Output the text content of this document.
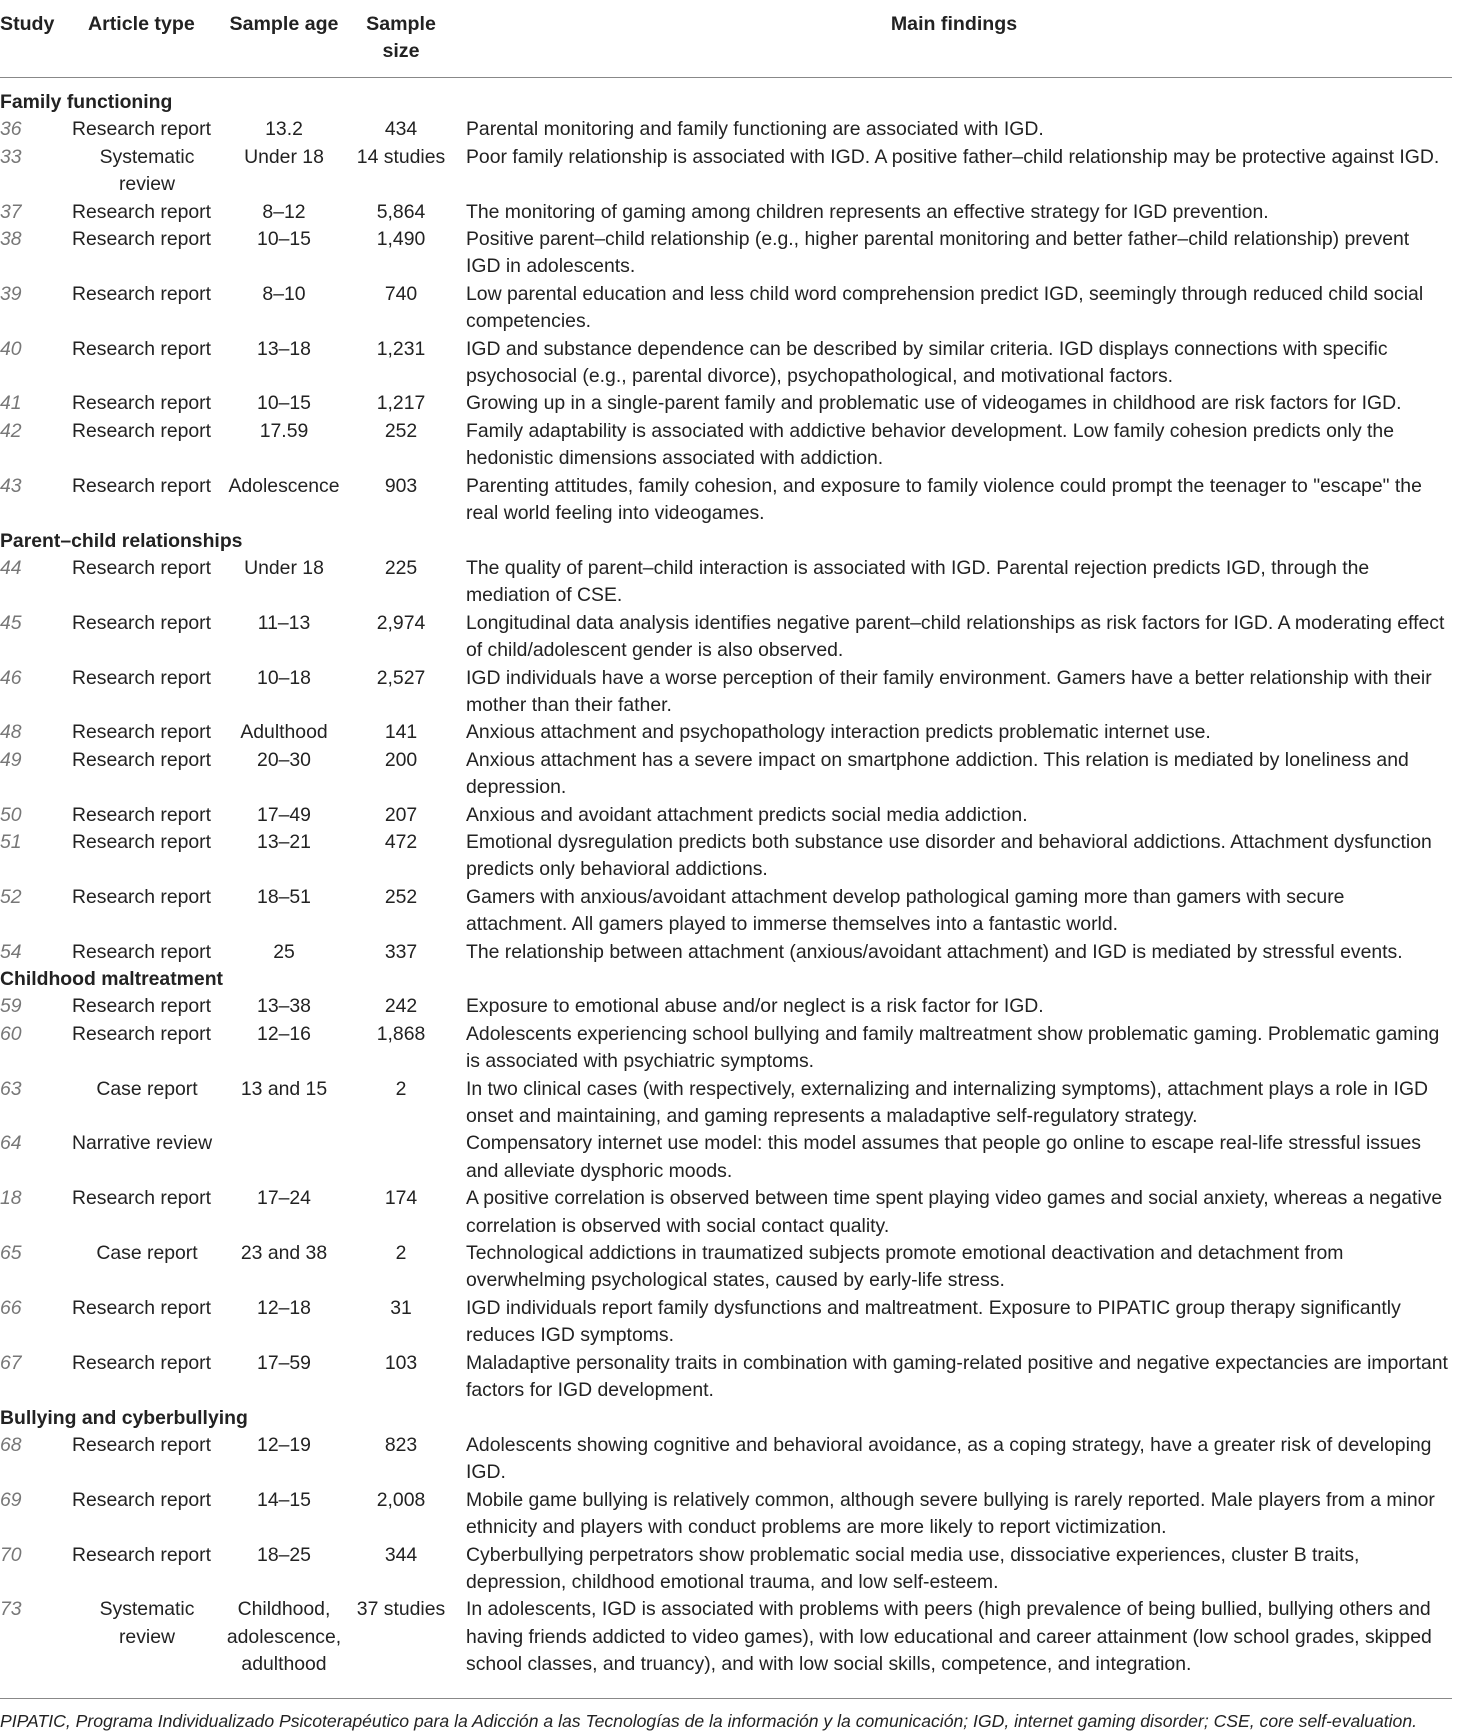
Study	Article type	Sample age	Sample size	Main findings
Family functioning				
36	Research report	13.2	434	Parental monitoring and family functioning are associated with IGD.
33	Systematic review	Under 18	14 studies	Poor family relationship is associated with IGD. A positive father–child relationship may be protective against IGD.
37	Research report	8–12	5,864	The monitoring of gaming among children represents an effective strategy for IGD prevention.
38	Research report	10–15	1,490	Positive parent–child relationship (e.g., higher parental monitoring and better father–child relationship) prevent IGD in adolescents.
39	Research report	8–10	740	Low parental education and less child word comprehension predict IGD, seemingly through reduced child social competencies.
40	Research report	13–18	1,231	IGD and substance dependence can be described by similar criteria. IGD displays connections with specific psychosocial (e.g., parental divorce), psychopathological, and motivational factors.
41	Research report	10–15	1,217	Growing up in a single-parent family and problematic use of videogames in childhood are risk factors for IGD.
42	Research report	17.59	252	Family adaptability is associated with addictive behavior development. Low family cohesion predicts only the hedonistic dimensions associated with addiction.
43	Research report	Adolescence	903	Parenting attitudes, family cohesion, and exposure to family violence could prompt the teenager to "escape" the real world feeling into videogames.
Parent–child relationships				
44	Research report	Under 18	225	The quality of parent–child interaction is associated with IGD. Parental rejection predicts IGD, through the mediation of CSE.
45	Research report	11–13	2,974	Longitudinal data analysis identifies negative parent–child relationships as risk factors for IGD. A moderating effect of child/adolescent gender is also observed.
46	Research report	10–18	2,527	IGD individuals have a worse perception of their family environment. Gamers have a better relationship with their mother than their father.
48	Research report	Adulthood	141	Anxious attachment and psychopathology interaction predicts problematic internet use.
49	Research report	20–30	200	Anxious attachment has a severe impact on smartphone addiction. This relation is mediated by loneliness and depression.
50	Research report	17–49	207	Anxious and avoidant attachment predicts social media addiction.
51	Research report	13–21	472	Emotional dysregulation predicts both substance use disorder and behavioral addictions. Attachment dysfunction predicts only behavioral addictions.
52	Research report	18–51	252	Gamers with anxious/avoidant attachment develop pathological gaming more than gamers with secure attachment. All gamers played to immerse themselves into a fantastic world.
54	Research report	25	337	The relationship between attachment (anxious/avoidant attachment) and IGD is mediated by stressful events.
Childhood maltreatment				
59	Research report	13–38	242	Exposure to emotional abuse and/or neglect is a risk factor for IGD.
60	Research report	12–16	1,868	Adolescents experiencing school bullying and family maltreatment show problematic gaming. Problematic gaming is associated with psychiatric symptoms.
63	Case report	13 and 15	2	In two clinical cases (with respectively, externalizing and internalizing symptoms), attachment plays a role in IGD onset and maintaining, and gaming represents a maladaptive self-regulatory strategy.
64	Narrative review			Compensatory internet use model: this model assumes that people go online to escape real-life stressful issues and alleviate dysphoric moods.
18	Research report	17–24	174	A positive correlation is observed between time spent playing video games and social anxiety, whereas a negative correlation is observed with social contact quality.
65	Case report	23 and 38	2	Technological addictions in traumatized subjects promote emotional deactivation and detachment from overwhelming psychological states, caused by early-life stress.
66	Research report	12–18	31	IGD individuals report family dysfunctions and maltreatment. Exposure to PIPATIC group therapy significantly reduces IGD symptoms.
67	Research report	17–59	103	Maladaptive personality traits in combination with gaming-related positive and negative expectancies are important factors for IGD development.
Bullying and cyberbullying				
68	Research report	12–19	823	Adolescents showing cognitive and behavioral avoidance, as a coping strategy, have a greater risk of developing IGD.
69	Research report	14–15	2,008	Mobile game bullying is relatively common, although severe bullying is rarely reported. Male players from a minor ethnicity and players with conduct problems are more likely to report victimization.
70	Research report	18–25	344	Cyberbullying perpetrators show problematic social media use, dissociative experiences, cluster B traits, depression, childhood emotional trauma, and low self-esteem.
73	Systematic review	Childhood, adolescence, adulthood	37 studies	In adolescents, IGD is associated with problems with peers (high prevalence of being bullied, bullying others and having friends addicted to video games), with low educational and career attainment (low school grades, skipped school classes, and truancy), and with low social skills, competence, and integration.
PIPATIC, Programa Individualizado Psicoterapéutico para la Adicción a las Tecnologías de la información y la comunicación; IGD, internet gaming disorder; CSE, core self-evaluation.
